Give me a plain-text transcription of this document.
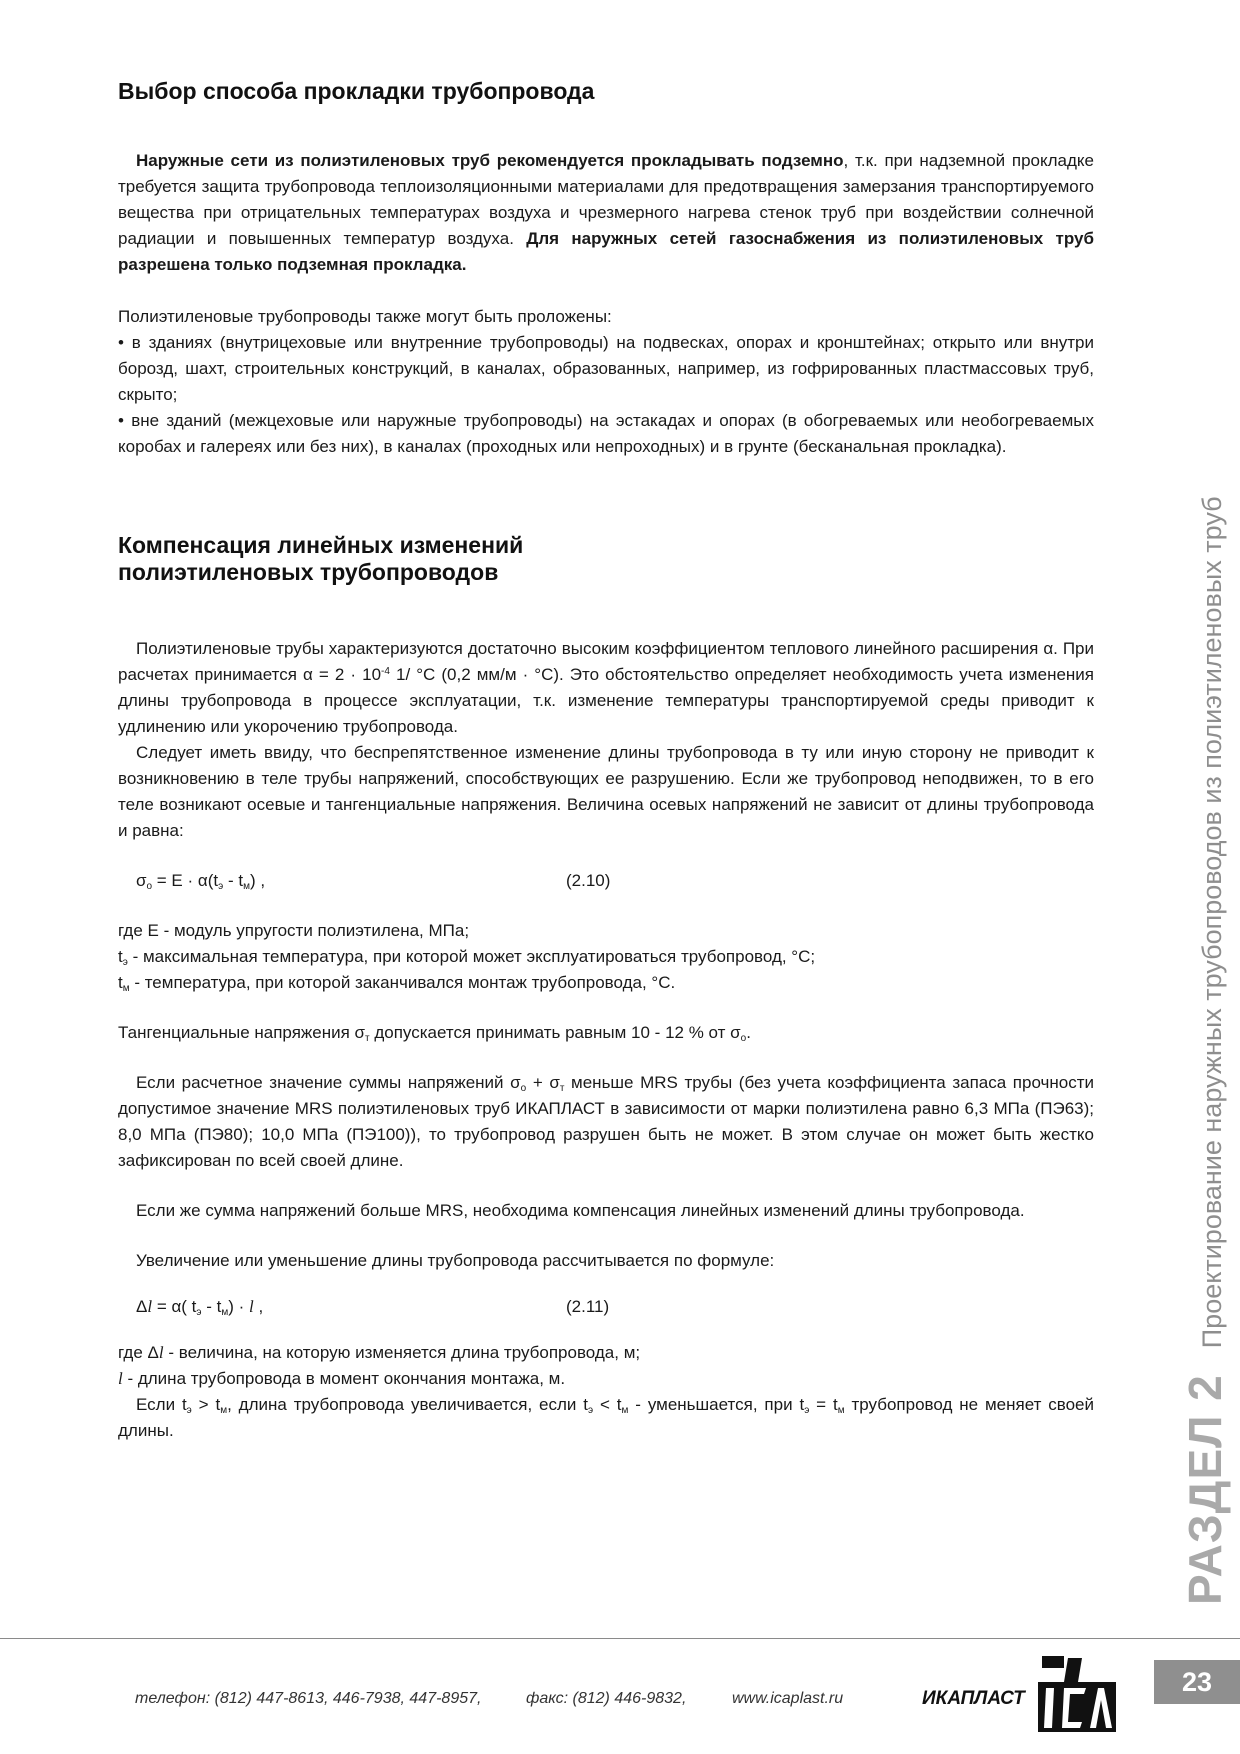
Выбор способа прокладки трубопровода

Наружные сети из полиэтиленовых труб рекомендуется прокладывать подземно, т.к. при надземной прокладке требуется защита трубопровода теплоизоляционными материалами для предотвращения замерзания транспортируемого вещества при отрицательных температурах воздуха и чрезмерного нагрева стенок труб при воздействии солнечной радиации и повышенных температур воздуха. Для наружных сетей газоснабжения из полиэтиленовых труб разрешена только подземная прокладка.

Полиэтиленовые трубопроводы также могут быть проложены:

• в зданиях (внутрицеховые или внутренние трубопроводы) на подвесках, опорах и кронштейнах; открыто или внутри борозд, шахт, строительных конструкций, в каналах, образованных, например, из гофрированных пластмассовых труб, скрыто;

• вне зданий (межцеховые или наружные трубопроводы) на эстакадах и опорах (в обогреваемых или необогреваемых коробах и галереях или без них), в каналах (проходных или непроходных) и в грунте (бесканальная прокладка).

Компенсация линейных изменений
полиэтиленовых трубопроводов

Полиэтиленовые трубы характеризуются достаточно высоким коэффициентом теплового линейного расширения α. При расчетах принимается $\alpha = 2 \cdot 10^{-4}$ 1/ °С (0,2 мм/м · °С). Это обстоятельство определяет необходимость учета изменения длины трубопровода в процессе эксплуатации, т.к. изменение температуры транспортируемой среды приводит к удлинению или укорочению трубопровода.

Следует иметь ввиду, что беспрепятственное изменение длины трубопровода в ту или иную сторону не приводит к возникновению в теле трубы напряжений, способствующих ее разрушению. Если же трубопровод неподвижен, то в его теле возникают осевые и тангенциальные напряжения. Величина осевых напряжений не зависит от длины трубопровода и равна:

$\sigma_о = E \cdot \alpha(t_э - t_м)$ ,	(2.10)

где E - модуль упругости полиэтилена, МПа;

$t_э$ - максимальная температура, при которой может эксплуатироваться трубопровод, °С;

$t_м$ - температура, при которой заканчивался монтаж трубопровода, °С.

Тангенциальные напряжения $\sigma_т$ допускается принимать равным 10 - 12 % от $\sigma_о$.

Если расчетное значение суммы напряжений $\sigma_о + \sigma_т$ меньше MRS трубы (без учета коэффициента запаса прочности допустимое значение MRS полиэтиленовых труб ИКАПЛАСТ в зависимости от марки полиэтилена равно 6,3 МПа (ПЭ63); 8,0 МПа (ПЭ80); 10,0 МПа (ПЭ100)), то трубопровод разрушен быть не может. В этом случае он может быть жестко зафиксирован по всей своей длине.

Если же сумма напряжений больше MRS, необходима компенсация линейных изменений длины трубопровода.

Увеличение или уменьшение длины трубопровода рассчитывается по формуле:

Δl = α( $t_э - t_м) \cdot l$ ,	(2.11)

где Δl - величина, на которую изменяется длина трубопровода, м;

l - длина трубопровода в момент окончания монтажа, м.

Если $t_э > t_м$, длина трубопровода увеличивается, если $t_э < t_м$ - уменьшается, при $t_э = t_м$ трубопровод не меняет своей длины.	РАЗДЕЛ 2
Проектирование наружных трубопроводов из полиэтиленовых труб
телефон: (812) 447-8613, 446-7938, 447-8957,	факс: (812) 446-9832,	www.icaplast.ru	ИКАПЛАСТ
23
